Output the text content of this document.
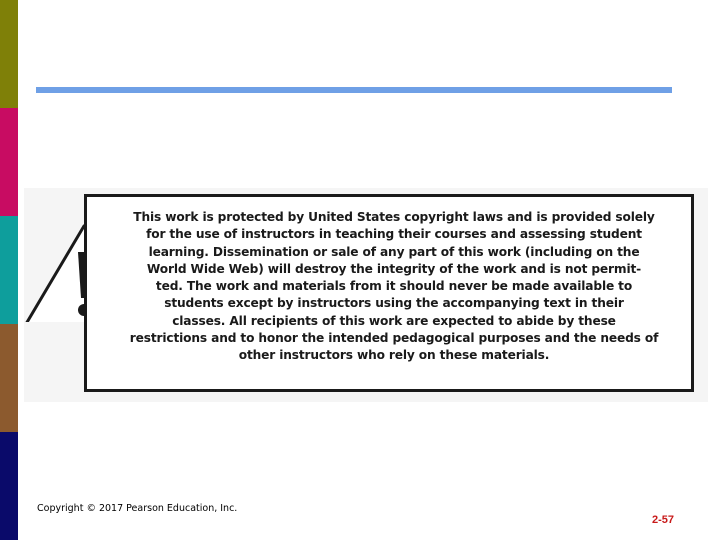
This work is protected by United States copyright laws and is provided solely
for the use of instructors in teaching their courses and assessing student
learning. Dissemination or sale of any part of this work (including on the
World Wide Web) will destroy the integrity of the work and is not permit-
ted. The work and materials from it should never be made available to
students except by instructors using the accompanying text in their
classes. All recipients of this work are expected to abide by these
restrictions and to honor the intended pedagogical purposes and the needs of
other instructors who rely on these materials.

Copyright © 2017 Pearson Education, Inc.
2-57
